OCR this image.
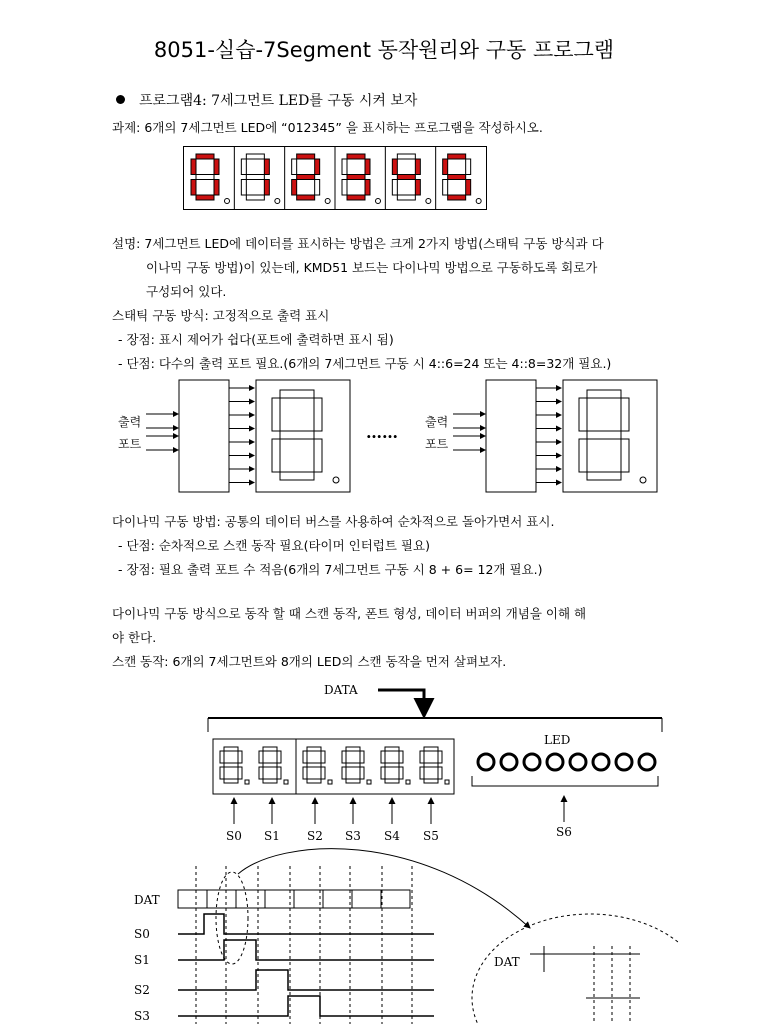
8051-실습-7Segment 동작원리와 구동 프로그램
프로그램4: 7세그먼트 LED를 구동 시켜 보자
과제: 6개의 7세그먼트 LED에 “012345” 을 표시하는 프로그램을 작성하시오.
설명: 7세그먼트 LED에 데이터를 표시하는 방법은 크게 2가지 방법(스태틱 구동 방식과 다
이나믹 구동 방법)이 있는데, KMD51 보드는 다이나믹 방법으로 구동하도록 회로가
구성되어 있다.
스태틱 구동 방식: 고정적으로 출력 표시
- 장점: 표시 제어가 쉽다(포트에 출력하면 표시 됨)
- 단점: 다수의 출력 포트 필요.(6개의 7세그먼트 구동 시 4::6=24 또는 4::8=32개 필요.)
출력
포트
……
출력
포트
다이나믹 구동 방법: 공통의 데이터 버스를 사용하여 순차적으로 돌아가면서 표시.
- 단점: 순차적으로 스캔 동작 필요(타이머 인터럽트 필요)
- 장점: 필요 출력 포트 수 적음(6개의 7세그먼트 구동 시 8 + 6= 12개 필요.)
다이나믹 구동 방식으로 동작 할 때 스캔 동작, 폰트 형성, 데이터 버퍼의 개념을 이해 해
야 한다.
스캔 동작: 6개의 7세그먼트와 8개의 LED의 스캔 동작을 먼저 살펴보자.
DATA
LED
S0 S1 S2 S3 S4 S5	S6
DAT
S0
S1
S2
S3
DAT
